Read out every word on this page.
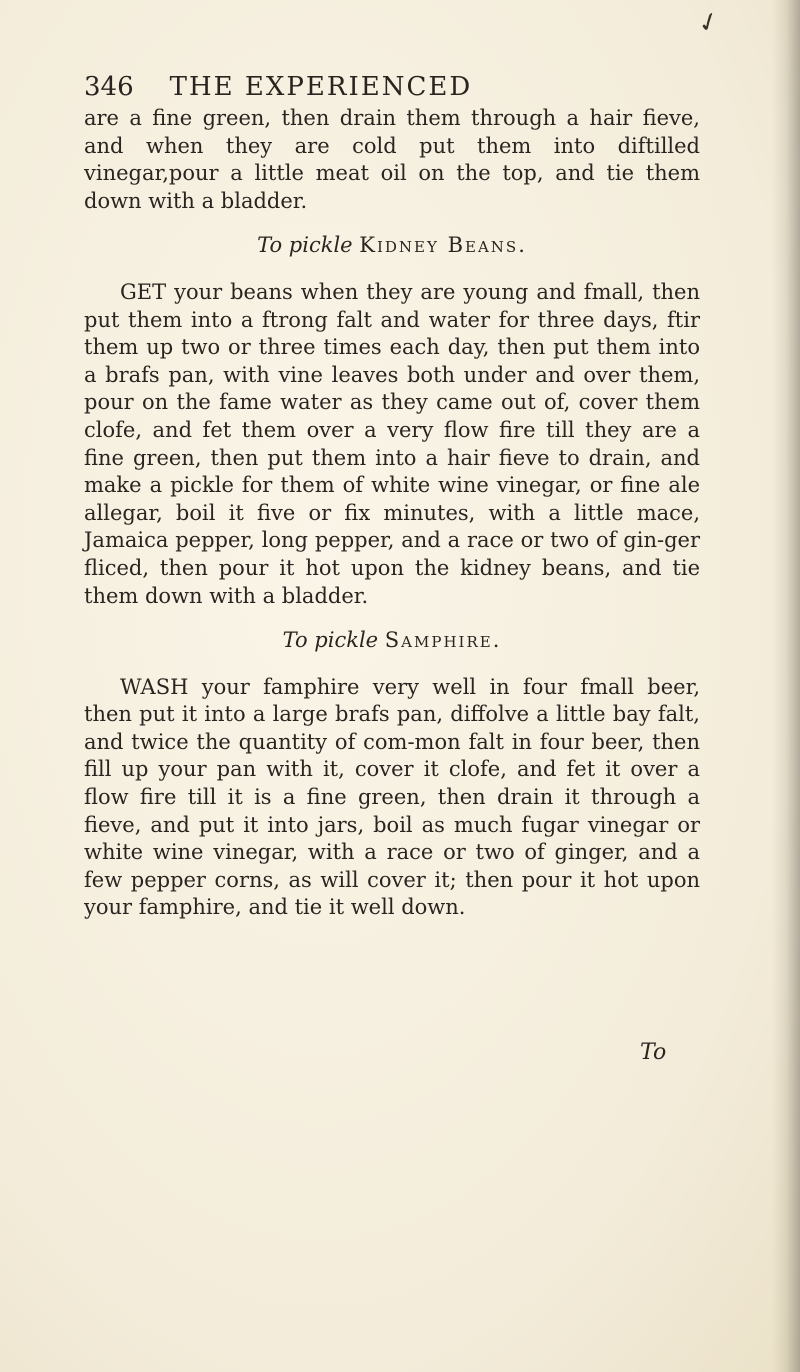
✓
346 THE EXPERIENCED

are a fine green, then drain them through a hair fieve, and when they are cold put them into diftilled vinegar,pour a little meat oil on the top, and tie them down with a bladder.

To pickle Kidney Beans.

GET your beans when they are young and fmall, then put them into a ftrong falt and water for three days, ftir them up two or three times each day, then put them into a brafs pan, with vine leaves both under and over them, pour on the fame water as they came out of, cover them clofe, and fet them over a very flow fire till they are a fine green, then put them into a hair fieve to drain, and make a pickle for them of white wine vinegar, or fine ale allegar, boil it five or fix minutes, with a little mace, Jamaica pepper, long pepper, and a race or two of gin-ger fliced, then pour it hot upon the kidney beans, and tie them down with a bladder.

To pickle Samphire.

WASH your famphire very well in four fmall beer, then put it into a large brafs pan, diffolve a little bay falt, and twice the quantity of com-mon falt in four beer, then fill up your pan with it, cover it clofe, and fet it over a flow fire till it is a fine green, then drain it through a fieve, and put it into jars, boil as much fugar vinegar or white wine vinegar, with a race or two of ginger, and a few pepper corns, as will cover it; then pour it hot upon your famphire, and tie it well down.

To
